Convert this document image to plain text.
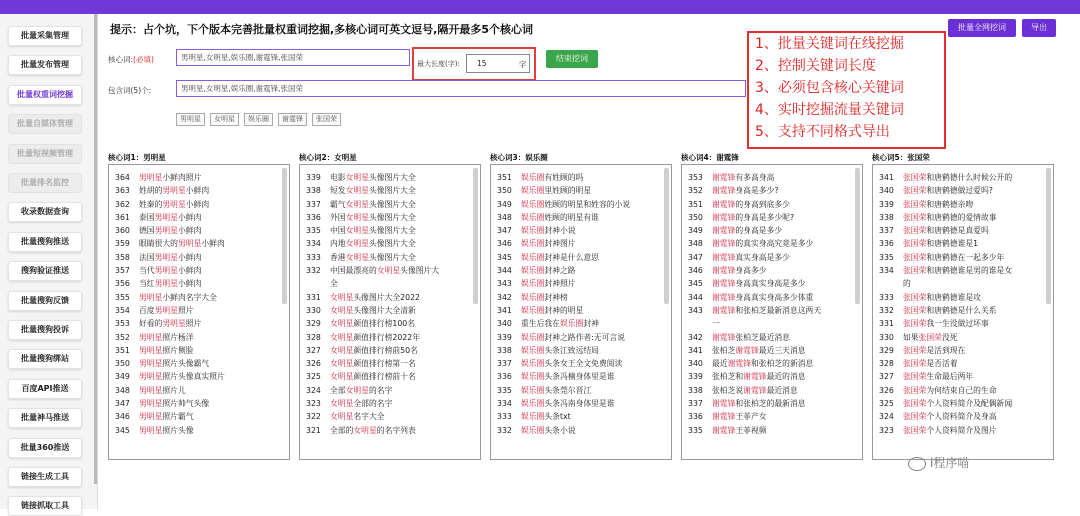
批量采集管理
批量发布管理
批量权重词挖掘
批量自媒体管理
批量短视频管理
批量排名监控
收录数据查询
批量搜狗推送
搜狗验证推送
批量搜狗反馈
批量搜狗投诉
批量搜狗绑站
百度API推送
批量神马推送
批量360推送
链接生成工具
链接抓取工具
提示：占个坑，下个版本完善批量权重词挖掘,多核心词可英文逗号,隔开最多5个核心词	批量全网挖词	导出
核心词:(必填)	男明星,女明星,娱乐圈,谢霆锋,张国荣
最大长度(字):	15	字
结束挖词
包含词(5)个:	男明星,女明星,娱乐圈,谢霆锋,张国荣
男明星 女明星 娱乐圈 谢霆锋 张国荣
1、批量关键词在线挖掘
2、控制关键词长度
3、必须包含核心关键词
4、实时挖掘流量关键词
5、支持不同格式导出
核心词1：男明星
364 男明星小鲜肉照片
363 姓胡的男明星小鲜肉
362 姓秦的男明星小鲜肉
361 泰国男明星小鲜肉
360 德国男明星小鲜肉
359 眼睛很大的男明星小鲜肉
358 法国男明星小鲜肉
357 当代男明星小鲜肉
356 当红男明星小鲜肉
355 男明星小鲜肉名字大全
354 百度男明星照片
353 好看的男明星照片
352 男明星照片杨洋
351 男明星照片侧脸
350 男明星照片头像霸气
349 男明星照片头像真实照片
348 男明星照片儿
347 男明星照片帅气头像
346 男明星照片霸气
345 男明星照片头像
核心词2：女明星
339 电影女明星头像图片大全
338 短发女明星头像图片大全
337 霸气女明星头像图片大全
336 外国女明星头像图片大全
335 中国女明星头像图片大全
334 内地女明星头像图片大全
333 香港女明星头像图片大全
332 中国最漂亮的女明星头像图片大
全
331 女明星头像图片大全2022
330 女明星头像图片大全清新
329 女明星颜值排行榜100名
328 女明星颜值排行榜2022年
327 女明星颜值排行榜前50名
326 女明星颜值排行榜第一名
325 女明星颜值排行榜前十名
324 全部女明星的名字
323 女明星全部的名字
322 女明星名字大全
321 全部的女明星的名字列表
核心词3：娱乐圈
351 娱乐圈有姓顾的吗
350 娱乐圈里姓顾的明星
349 娱乐圈姓顾的明星和姓容的小说
348 娱乐圈姓顾的明星有谁
347 娱乐圈封神小说
346 娱乐圈封神图片
345 娱乐圈封神是什么意思
344 娱乐圈封神之路
343 娱乐圈封神照片
342 娱乐圈封神榜
341 娱乐圈封神的明星
340 重生后我在娱乐圈封神
339 娱乐圈封神之路作者:无可言说
338 娱乐圈头条江致远结局
337 娱乐圈头条女王全文免费阅读
336 娱乐圈头条冯楠身体里是谁
335 娱乐圈头条莞尔晋江
334 娱乐圈头条冯南身体里是谁
333 娱乐圈头条txt
332 娱乐圈头条小说
核心词4：谢霆锋
353 谢霆锋有多高身高
352 谢霆锋身高是多少?
351 谢霆锋的身高到底多少
350 谢霆锋的身高是多少呢?
349 谢霆锋的身高是多少
348 谢霆锋的真实身高究竟是多少
347 谢霆锋真实身高是多少
346 谢霆锋身高多少
345 谢霆锋身高真实身高是多少
344 谢霆锋身高真实身高多少体重
343 谢霆锋和张柏芝最新消息这两天
一
342 谢霆锋张柏芝最近消息
341 张柏芝谢霆锋最近三天消息
340 最近谢霆锋和张柏芝的新消息
339 张柏芝和谢霆锋最近的消息
338 张柏芝说谢霆锋最近消息
337 谢霆锋和张柏芝的最新消息
336 谢霆锋王菲产女
335 谢霆锋王菲视频
核心词5：张国荣
341 张国荣和唐鹤德什么时候公开的
340 张国荣和唐鹤德做过爱吗?
339 张国荣和唐鹤德亲吻
338 张国荣和唐鹤德的爱情故事
337 张国荣和唐鹤德是真爱吗
336 张国荣和唐鹤德谁是1
335 张国荣和唐鹤德在一起多少年
334 张国荣和唐鹤德谁是男的谁是女
的
333 张国荣和唐鹤德谁是攻
332 张国荣和唐鹤德是什么关系
331 张国荣我一生没做过坏事
330 如果张国荣没死
329 张国荣是活到现在
328 张国荣是否活着
327 张国荣生命最后两年
326 张国荣为何结束自己的生命
325 张国荣个人资料简介及配偶新闻
324 张国荣个人资料简介及身高
323 张国荣个人资料简介及图片
i程序喵
